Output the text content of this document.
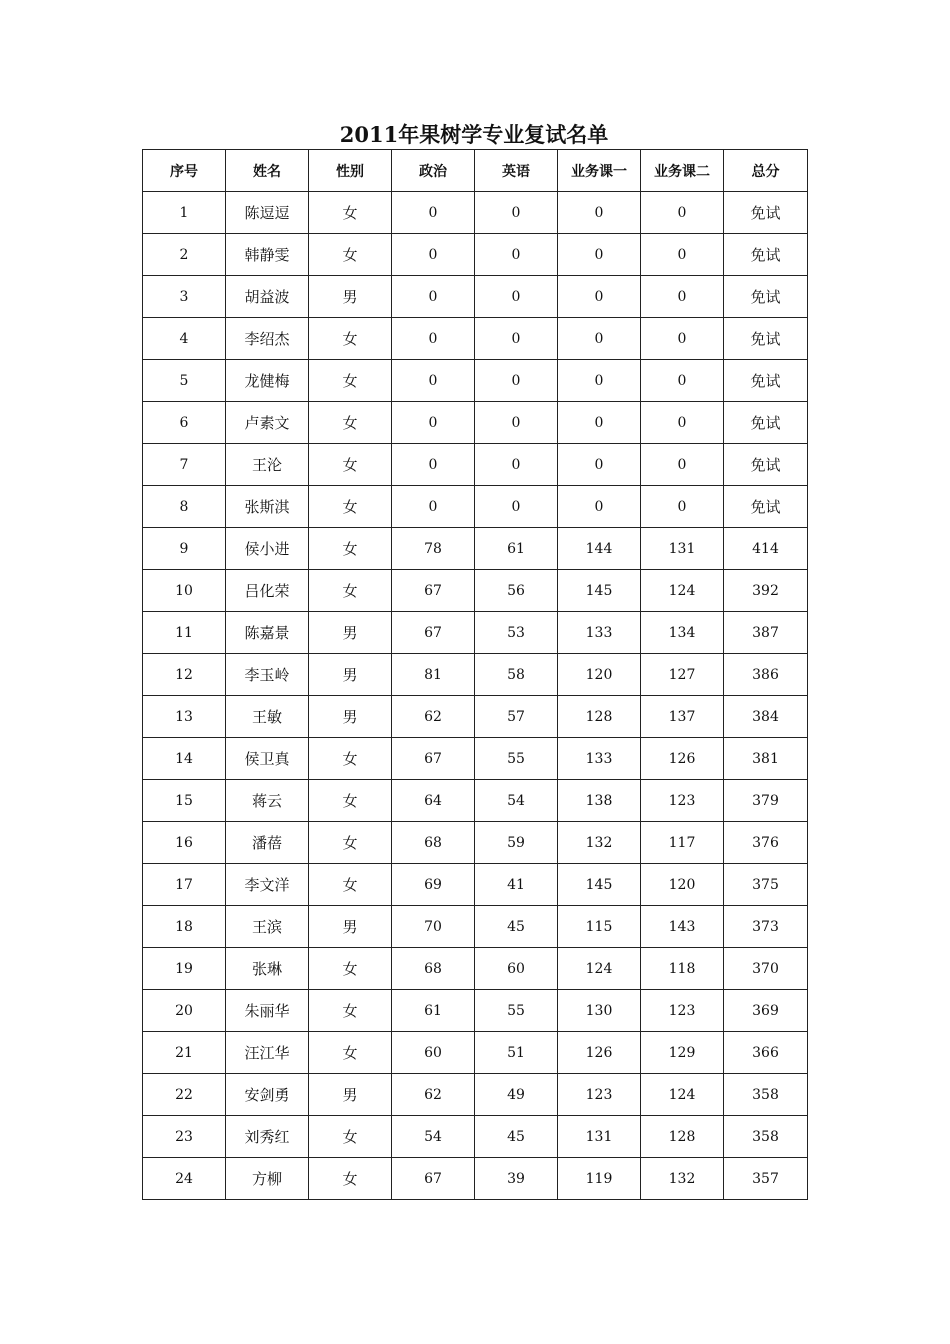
2011年果树学专业复试名单
序号	姓名	性别	政治	英语	业务课一	业务课二	总分
1	陈逗逗	女	0	0	0	0	免试
2	韩静雯	女	0	0	0	0	免试
3	胡益波	男	0	0	0	0	免试
4	李绍杰	女	0	0	0	0	免试
5	龙健梅	女	0	0	0	0	免试
6	卢素文	女	0	0	0	0	免试
7	王沦	女	0	0	0	0	免试
8	张斯淇	女	0	0	0	0	免试
9	侯小进	女	78	61	144	131	414
10	吕化荣	女	67	56	145	124	392
11	陈嘉景	男	67	53	133	134	387
12	李玉岭	男	81	58	120	127	386
13	王敏	男	62	57	128	137	384
14	侯卫真	女	67	55	133	126	381
15	蒋云	女	64	54	138	123	379
16	潘蓓	女	68	59	132	117	376
17	李文洋	女	69	41	145	120	375
18	王滨	男	70	45	115	143	373
19	张琳	女	68	60	124	118	370
20	朱丽华	女	61	55	130	123	369
21	汪江华	女	60	51	126	129	366
22	安剑勇	男	62	49	123	124	358
23	刘秀红	女	54	45	131	128	358
24	方柳	女	67	39	119	132	357
